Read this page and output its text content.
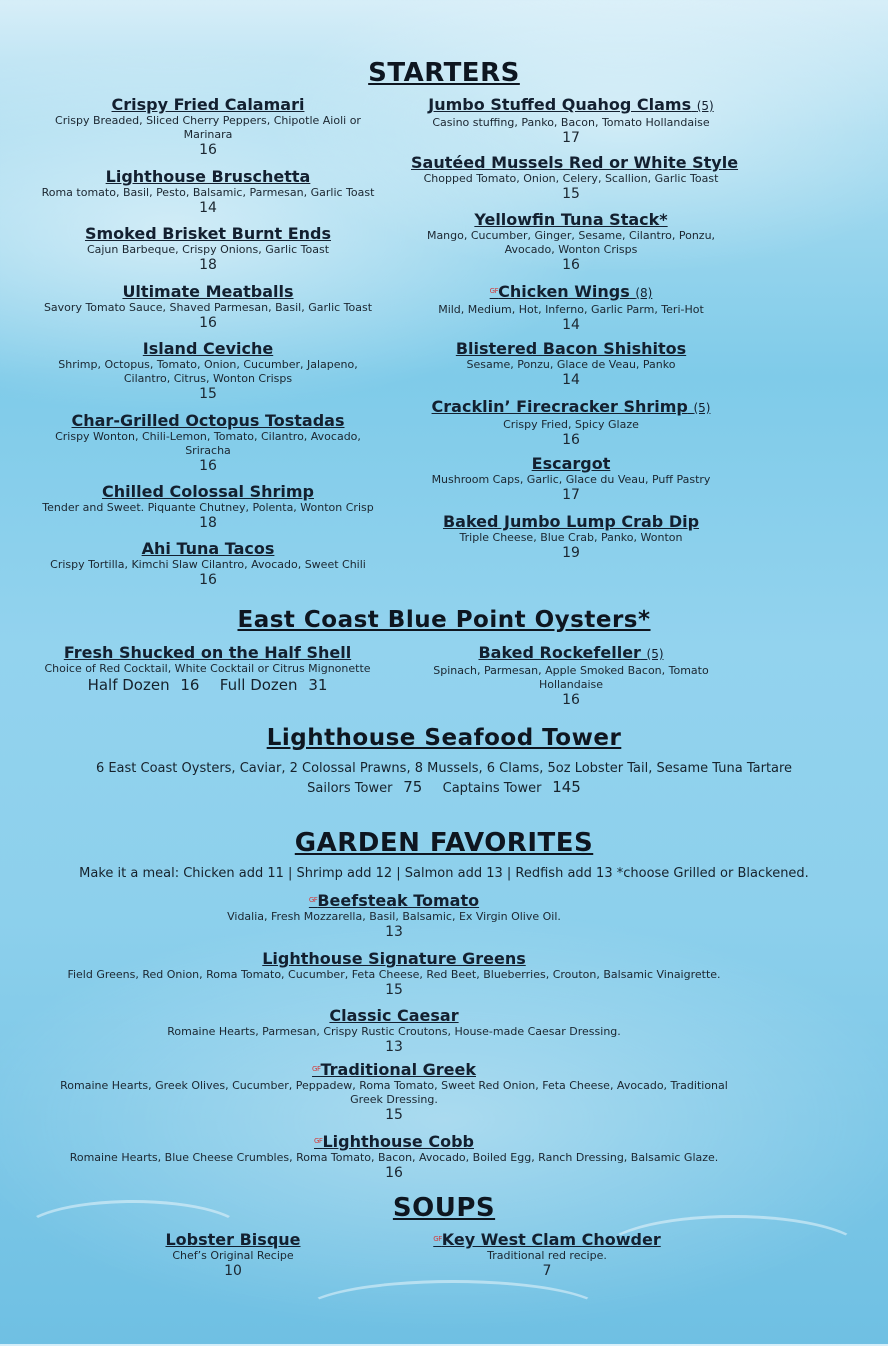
STARTERS
Crispy Fried Calamari
Crispy Breaded, Sliced Cherry Peppers, Chipotle Aioli or Marinara
16
Lighthouse Bruschetta
Roma tomato, Basil, Pesto, Balsamic, Parmesan, Garlic Toast
14
Smoked Brisket Burnt Ends
Cajun Barbeque, Crispy Onions, Garlic Toast
18
Ultimate Meatballs
Savory Tomato Sauce, Shaved Parmesan, Basil, Garlic Toast
16
Island Ceviche
Shrimp, Octopus, Tomato, Onion, Cucumber, Jalapeno, Cilantro, Citrus, Wonton Crisps
15
Char-Grilled Octopus Tostadas
Crispy Wonton, Chili-Lemon, Tomato, Cilantro, Avocado, Sriracha
16
Chilled Colossal Shrimp
Tender and Sweet. Piquante Chutney, Polenta, Wonton Crisp
18
Ahi Tuna Tacos
Crispy Tortilla, Kimchi Slaw Cilantro, Avocado, Sweet Chili
16
Jumbo Stuffed Quahog Clams (5)
Casino stuffing, Panko, Bacon, Tomato Hollandaise
17
Sautéed Mussels Red or White Style
Chopped Tomato, Onion, Celery, Scallion, Garlic Toast
15
Yellowfin Tuna Stack*
Mango, Cucumber, Ginger, Sesame, Cilantro, Ponzu, Avocado, Wonton Crisps
16
$^{GF}$Chicken Wings (8)
Mild, Medium, Hot, Inferno, Garlic Parm, Teri-Hot
14
Blistered Bacon Shishitos
Sesame, Ponzu, Glace de Veau, Panko
14
Cracklin’ Firecracker Shrimp (5)
Crispy Fried, Spicy Glaze
16
Escargot
Mushroom Caps, Garlic, Glace du Veau, Puff Pastry
17
Baked Jumbo Lump Crab Dip
Triple Cheese, Blue Crab, Panko, Wonton
19
East Coast Blue Point Oysters*
Fresh Shucked on the Half Shell
Choice of Red Cocktail, White Cocktail or Citrus Mignonette
Half Dozen 16 Full Dozen 31
Baked Rockefeller (5)
Spinach, Parmesan, Apple Smoked Bacon, Tomato Hollandaise
16
Lighthouse Seafood Tower
6 East Coast Oysters, Caviar, 2 Colossal Prawns, 8 Mussels, 6 Clams, 5oz Lobster Tail, Sesame Tuna Tartare
Sailors Tower 75 Captains Tower 145
GARDEN FAVORITES
Make it a meal: Chicken add 11 | Shrimp add 12 | Salmon add 13 | Redfish add 13 *choose Grilled or Blackened.
$^{GF}$Beefsteak Tomato
Vidalia, Fresh Mozzarella, Basil, Balsamic, Ex Virgin Olive Oil.
13
Lighthouse Signature Greens
Field Greens, Red Onion, Roma Tomato, Cucumber, Feta Cheese, Red Beet, Blueberries, Crouton, Balsamic Vinaigrette.
15
Classic Caesar
Romaine Hearts, Parmesan, Crispy Rustic Croutons, House-made Caesar Dressing.
13
$^{GF}$Traditional Greek
Romaine Hearts, Greek Olives, Cucumber, Peppadew, Roma Tomato, Sweet Red Onion, Feta Cheese, Avocado, Traditional Greek Dressing.
15
$^{GF}$Lighthouse Cobb
Romaine Hearts, Blue Cheese Crumbles, Roma Tomato, Bacon, Avocado, Boiled Egg, Ranch Dressing, Balsamic Glaze.
16
SOUPS
Lobster Bisque
Chef’s Original Recipe
10
$^{GF}$Key West Clam Chowder
Traditional red recipe.
7
